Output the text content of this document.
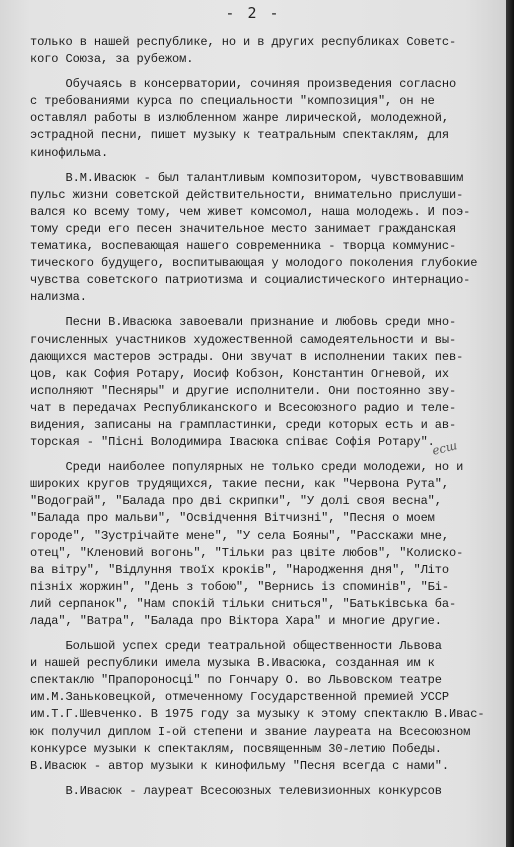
- 2 -
только в нашей республике, но и в других республиках Советс-
кого Союза, за рубежом.
Обучаясь в консерватории, сочиняя произведения согласно
с требованиями курса по специальности "композиция", он не
оставлял работы в излюбленном жанре лирической, молодежной,
эстрадной песни, пишет музыку к театральным спектаклям, для
кинофильма.
В.М.Ивасюк - был талантливым композитором, чувствовавшим
пульс жизни советской действительности, внимательно прислуши-
вался ко всему тому, чем живет комсомол, наша молодежь. И поэ-
тому среди его песен значительное место занимает гражданская
тематика, воспевающая нашего современника - творца коммунис-
тического будущего, воспитывающая у молодого поколения глубокие
чувства советского патриотизма и социалистического интернацио-
нализма.
Песни В.Ивасюка завоевали признание и любовь среди мно-
гочисленных участников художественной самодеятельности и вы-
дающихся мастеров эстрады. Они звучат в исполнении таких пев-
цов, как София Ротару, Иосиф Кобзон, Константин Огневой, их
исполняют "Песняры" и другие исполнители. Они постоянно зву-
чат в передачах Республиканского и Всесоюзного радио и теле-
видения, записаны на грампластинки, среди которых есть и ав-
торская - "Пісні Володимира Івасюка співає Софія Ротару".
Среди наиболее популярных не только среди молодежи, но и
широких кругов трудящихся, такие песни, как "Червона Рута",
"Водограй", "Балада про дві скрипки", "У долі своя весна",
"Балада про мальви", "Освідчення Вітчизні", "Песня о моем
городе", "Зустрічайте мене", "У села Бояны", "Расскажи мне,
отец", "Кленовий вогонь", "Тільки раз цвіте любов", "Колискo-
ва вітру", "Відлуння твоїх кроків", "Народження дня", "Літо
пізніх жоржин", "День з тобою", "Вернись із споминів", "Бі-
лий серпанок", "Нам спокій тільки сниться", "Батьківська ба-
лада", "Ватра", "Балада про Віктора Хара" и многие другие.
Большой успех среди театральной общественности Львова
и нашей республики имела музыка В.Ивасюка, созданная им к
спектаклю "Прапороносці" по Гончару О. во Львовском театре
им.М.Заньковецкой, отмеченному Государственной премией УССР
им.Т.Г.Шевченко. В 1975 году за музыку к этому спектаклю В.Ивас-
юк получил диплом I-ой степени и звание лауреата на Всесоюзном
конкурсе музыки к спектаклям, посвященным 30-летию Победы.
В.Ивасюк - автор музыки к кинофильму "Песня всегда с нами".
В.Ивасюк - лауреат Всесоюзных телевизионных конкурсов
есш
